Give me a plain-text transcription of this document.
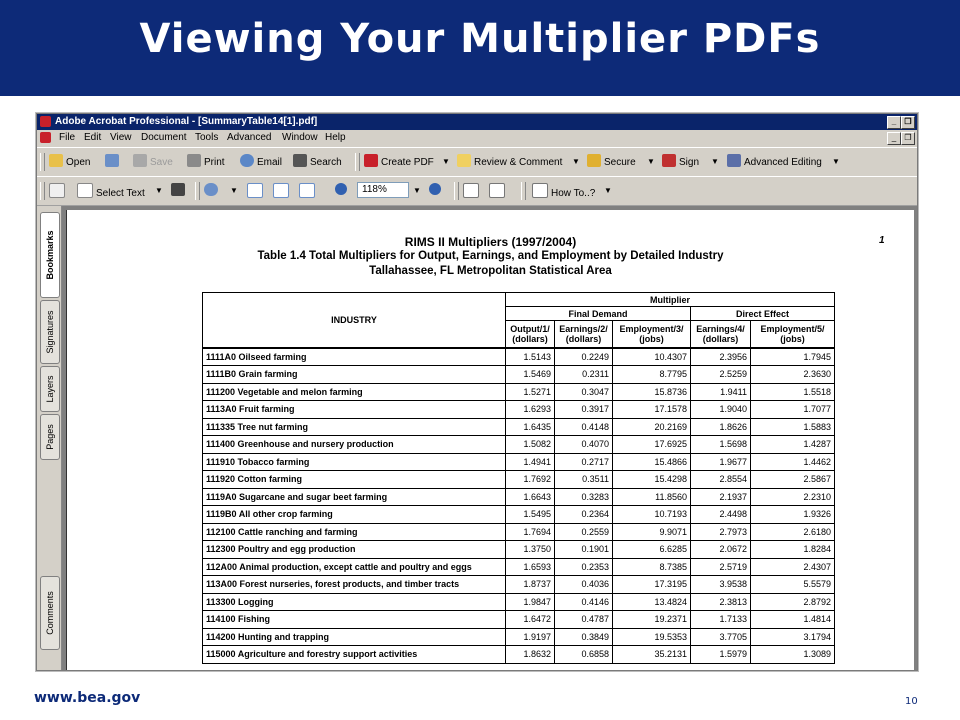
Viewing Your Multiplier PDFs
Adobe Acrobat Professional - [SummaryTable14[1].pdf]	_	❐
File Edit View Document Tools Advanced Window Help	_	❐
Open	Save	Print	Email	Search	Create PDF ▼	Review & Comment ▼	Secure ▼	Sign ▼	Advanced Editing ▼
Select Text ▼	▼
118%	▼	How To..? ▼
Bookmarks
Signatures
Layers
Pages
Comments
RIMS II Multipliers (1997/2004)
Table 1.4 Total Multipliers for Output, Earnings, and Employment by Detailed Industry
Tallahassee, FL Metropolitan Statistical Area
1
INDUSTRY	Multiplier				
	Final Demand			Direct Effect	
	Output/1/ (dollars)	Earnings/2/ (dollars)	Employment/3/ (jobs)	Earnings/4/ (dollars)	Employment/5/ (jobs)
1111A0 Oilseed farming	1.5143	0.2249	10.4307	2.3956	1.7945
1111B0 Grain farming	1.5469	0.2311	8.7795	2.5259	2.3630
111200 Vegetable and melon farming	1.5271	0.3047	15.8736	1.9411	1.5518
1113A0 Fruit farming	1.6293	0.3917	17.1578	1.9040	1.7077
111335 Tree nut farming	1.6435	0.4148	20.2169	1.8626	1.5883
111400 Greenhouse and nursery production	1.5082	0.4070	17.6925	1.5698	1.4287
111910 Tobacco farming	1.4941	0.2717	15.4866	1.9677	1.4462
111920 Cotton farming	1.7692	0.3511	15.4298	2.8554	2.5867
1119A0 Sugarcane and sugar beet farming	1.6643	0.3283	11.8560	2.1937	2.2310
1119B0 All other crop farming	1.5495	0.2364	10.7193	2.4498	1.9326
112100 Cattle ranching and farming	1.7694	0.2559	9.9071	2.7973	2.6180
112300 Poultry and egg production	1.3750	0.1901	6.6285	2.0672	1.8284
112A00 Animal production, except cattle and poultry and eggs	1.6593	0.2353	8.7385	2.5719	2.4307
113A00 Forest nurseries, forest products, and timber tracts	1.8737	0.4036	17.3195	3.9538	5.5579
113300 Logging	1.9847	0.4146	13.4824	2.3813	2.8792
114100 Fishing	1.6472	0.4787	19.2371	1.7133	1.4814
114200 Hunting and trapping	1.9197	0.3849	19.5353	3.7705	3.1794
115000 Agriculture and forestry support activities	1.8632	0.6858	35.2131	1.5979	1.3089
www.bea.gov	10
